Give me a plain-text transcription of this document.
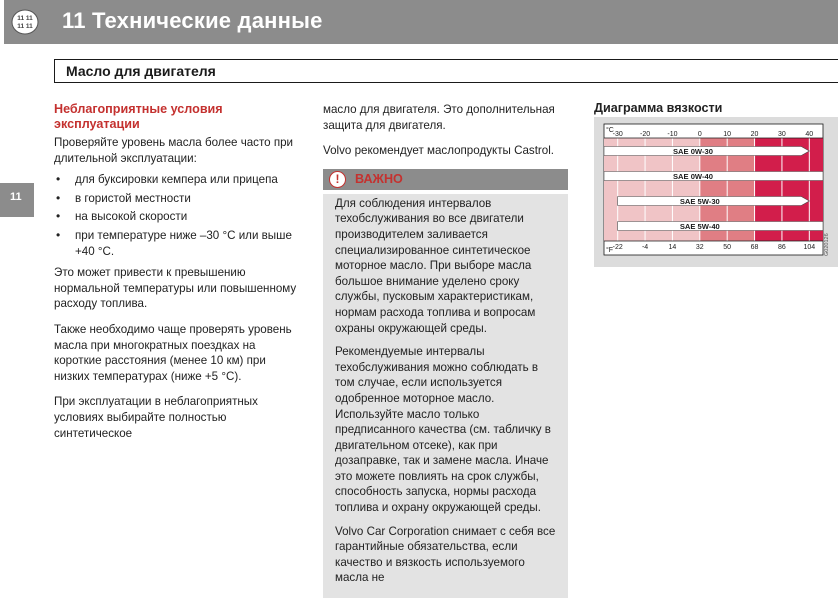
11 11
11 11 11 Технические данные
Масло для двигателя
11
Неблагоприятные условия эксплуатации

Проверяйте уровень масла более часто при длительной эксплуатации:

• для буксировки кемпера или прицепа
• в гористой местности
• на высокой скорости
• при температуре ниже –30 °C или выше +40 °C.

Это может привести к превышению нормальной температуры или повышенному расходу топлива.

Также необходимо чаще проверять уровень масла при многократных поездках на короткие расстояния (менее 10 км) при низких температурах (ниже +5 °C).

При эксплуатации в неблагоприятных условиях выбирайте полностью синтетическое

масло для двигателя. Это дополнительная защита для двигателя.

Volvo рекомендует маслопродукты Castrol.

!	ВАЖНО

Для соблюдения интервалов техобслуживания во все двигатели производителем заливается специализированное синтетическое моторное масло. При выборе масла большое внимание уделено сроку службы, пусковым характеристикам, нормам расхода топлива и вопросам охраны окружающей среды.

Рекомендуемые интервалы техобслуживания можно соблюдать в том случае, если используется одобренное моторное масло. Используйте масло только предписанного качества (см. табличку в двигательном отсеке), как при дозаправке, так и замене масла. Иначе это можете повлиять на срок службы, способность запуска, нормы расхода топлива и охрану окружающей среды.

Volvo Car Corporation снимает с себя все гарантийные обязательства, если качество и вязкость используемого масла не

Диаграмма вязкости
°C
°F
-30 -20 -10	0	10	20	30	40
-22	-4	14	32	50	68	86	104
SAE 0W-30
SAE 0W-40
SAE 5W-30
SAE 5W-40
G020126
